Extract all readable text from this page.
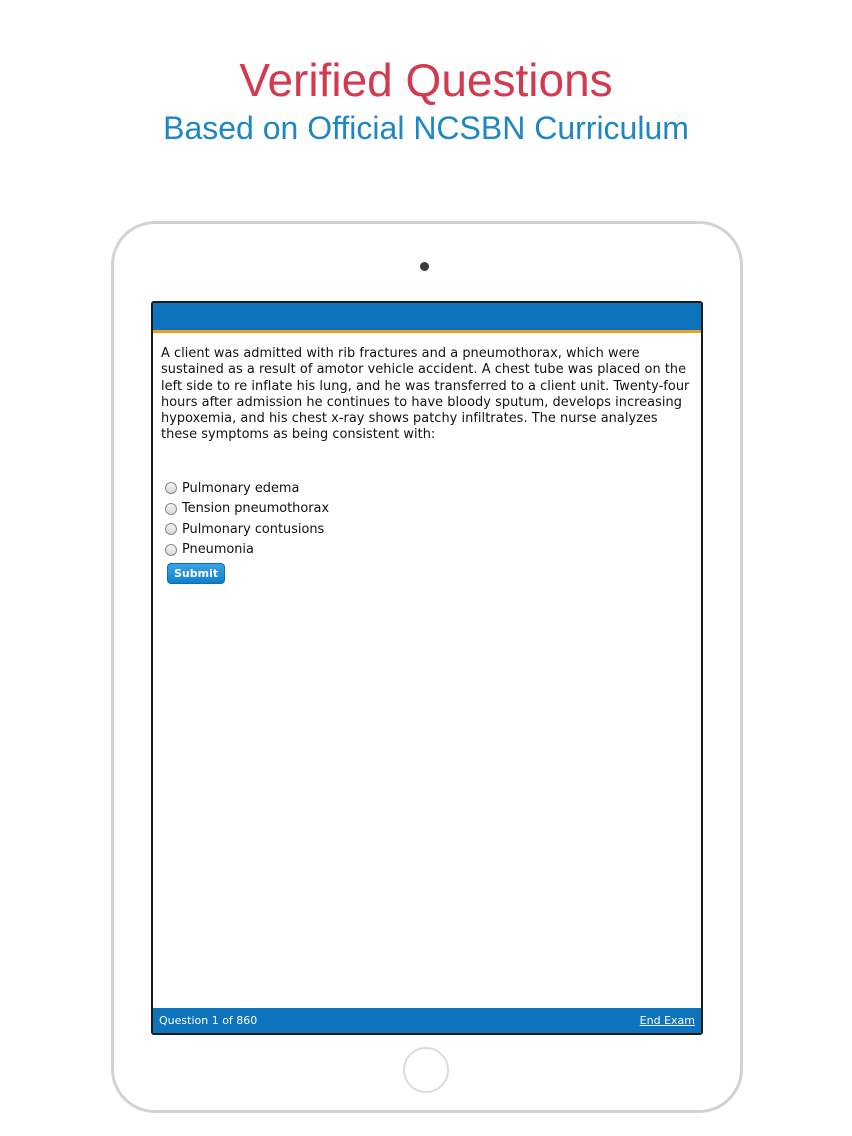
Verified Questions
Based on Official NCSBN Curriculum

A client was admitted with rib fractures and a pneumothorax, which were sustained as a result of amotor vehicle accident. A chest tube was placed on the left side to re inflate his lung, and he was transferred to a client unit. Twenty-four hours after admission he continues to have bloody sputum, develops increasing hypoxemia, and his chest x-ray shows patchy infiltrates. The nurse analyzes these symptoms as being consistent with:

Pulmonary edema
Tension pneumothorax
Pulmonary contusions
Pneumonia
Submit
Question 1 of 860	End Exam
